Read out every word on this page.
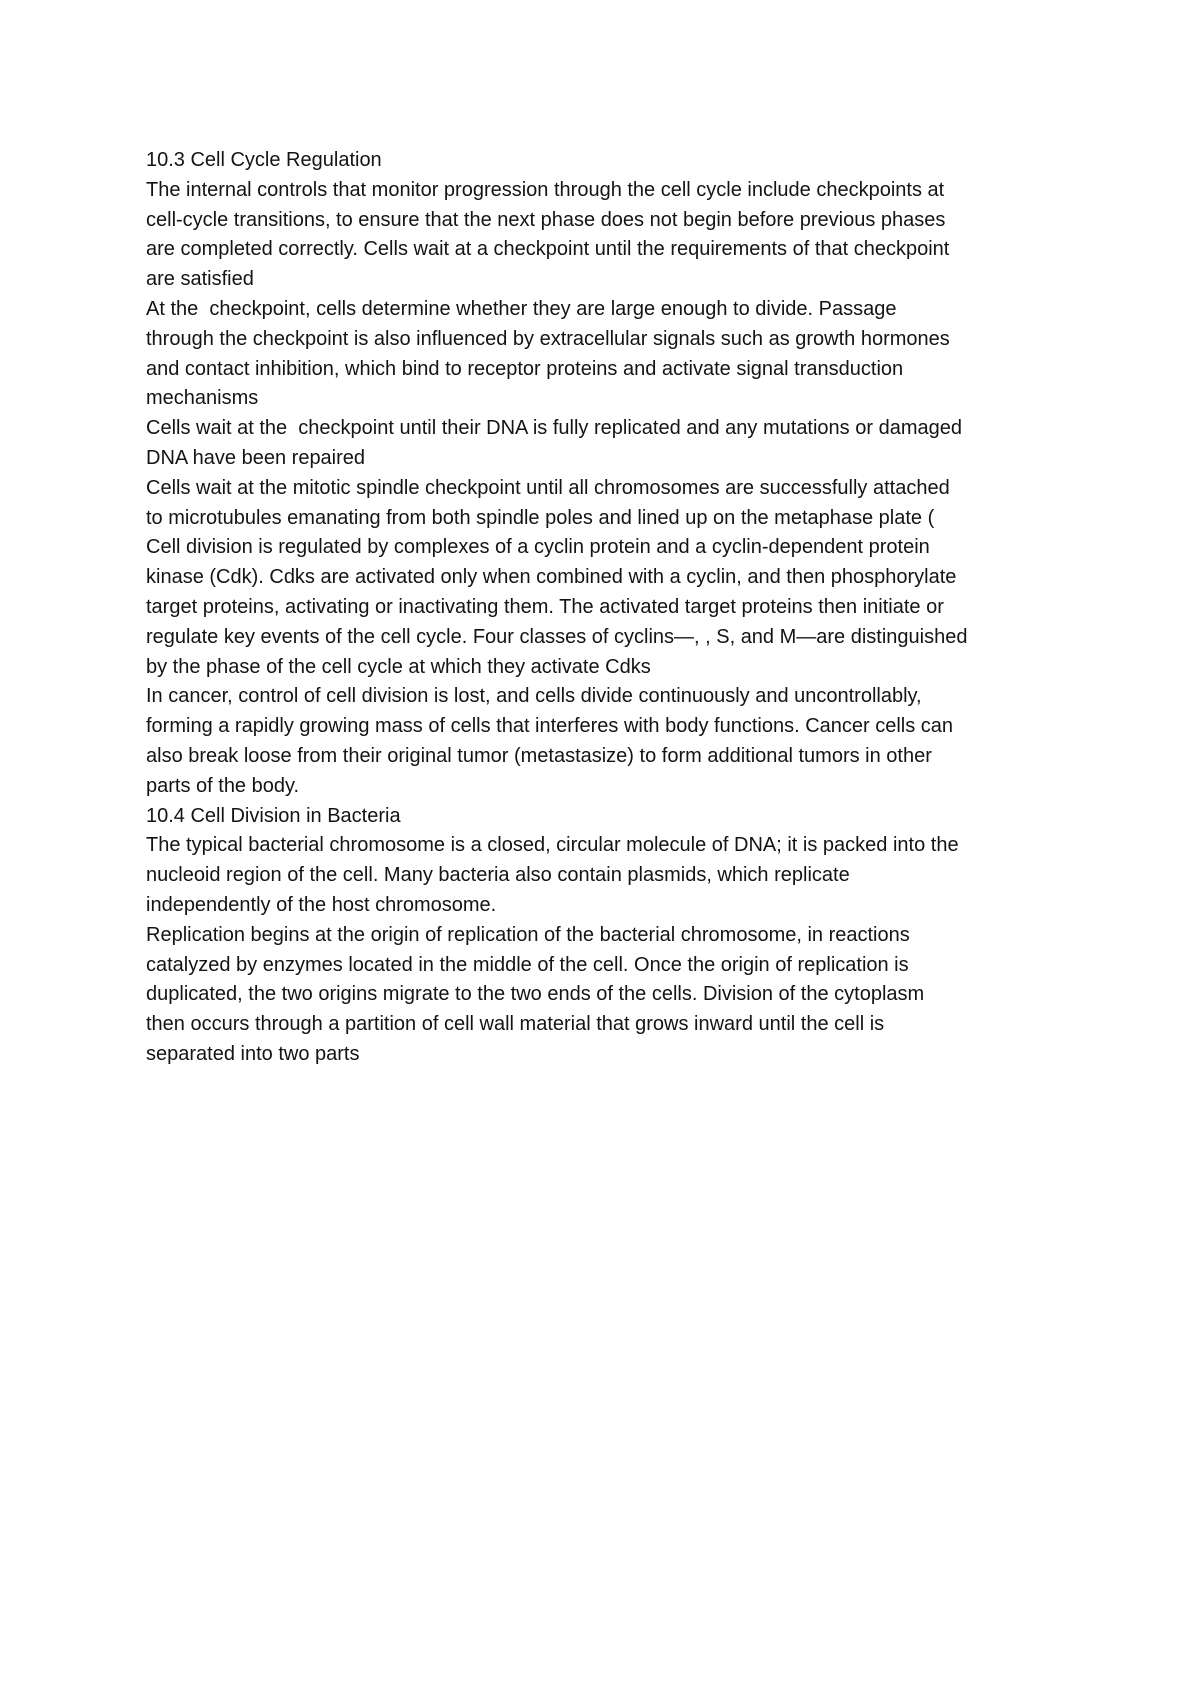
10.3 Cell Cycle Regulation
The internal controls that monitor progression through the cell cycle include checkpoints at
cell-cycle transitions, to ensure that the next phase does not begin before previous phases
are completed correctly. Cells wait at a checkpoint until the requirements of that checkpoint
are satisfied
At the  checkpoint, cells determine whether they are large enough to divide. Passage
through the checkpoint is also influenced by extracellular signals such as growth hormones
and contact inhibition, which bind to receptor proteins and activate signal transduction
mechanisms
Cells wait at the  checkpoint until their DNA is fully replicated and any mutations or damaged
DNA have been repaired
Cells wait at the mitotic spindle checkpoint until all chromosomes are successfully attached
to microtubules emanating from both spindle poles and lined up on the metaphase plate (
Cell division is regulated by complexes of a cyclin protein and a cyclin-dependent protein
kinase (Cdk). Cdks are activated only when combined with a cyclin, and then phosphorylate
target proteins, activating or inactivating them. The activated target proteins then initiate or
regulate key events of the cell cycle. Four classes of cyclins—, , S, and M—are distinguished
by the phase of the cell cycle at which they activate Cdks
In cancer, control of cell division is lost, and cells divide continuously and uncontrollably,
forming a rapidly growing mass of cells that interferes with body functions. Cancer cells can
also break loose from their original tumor (metastasize) to form additional tumors in other
parts of the body.
10.4 Cell Division in Bacteria
The typical bacterial chromosome is a closed, circular molecule of DNA; it is packed into the
nucleoid region of the cell. Many bacteria also contain plasmids, which replicate
independently of the host chromosome.
Replication begins at the origin of replication of the bacterial chromosome, in reactions
catalyzed by enzymes located in the middle of the cell. Once the origin of replication is
duplicated, the two origins migrate to the two ends of the cells. Division of the cytoplasm
then occurs through a partition of cell wall material that grows inward until the cell is
separated into two parts
